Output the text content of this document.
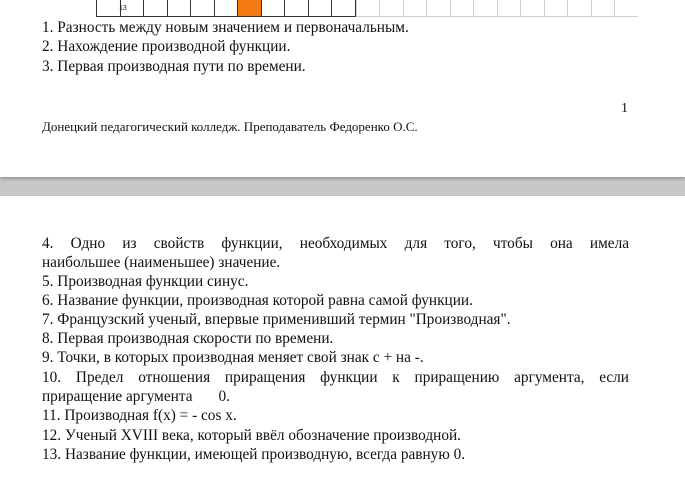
13
1. Разность между новым значением и первоначальным.
2. Нахождение производной функции.
3. Первая производная пути по времени.
1
Донецкий педагогический колледж. Преподаватель Федоренко О.С.
4. Одно из свойств функции, необходимых для того, чтобы она имела
наибольшее (наименьшее) значение.
5. Производная функции синус.
6. Название функции, производная которой равна самой функции.
7. Французский ученый, впервые применивший термин "Производная".
8. Первая производная скорости по времени.
9. Точки, в которых производная меняет свой знак с + на -.
10. Предел отношения приращения функции к приращению аргумента, если
приращение аргумента 0.
11. Производная f(x) = - cos x.
12. Ученый XVIII века, который ввёл обозначение производной.
13. Название функции, имеющей производную, всегда равную 0.
